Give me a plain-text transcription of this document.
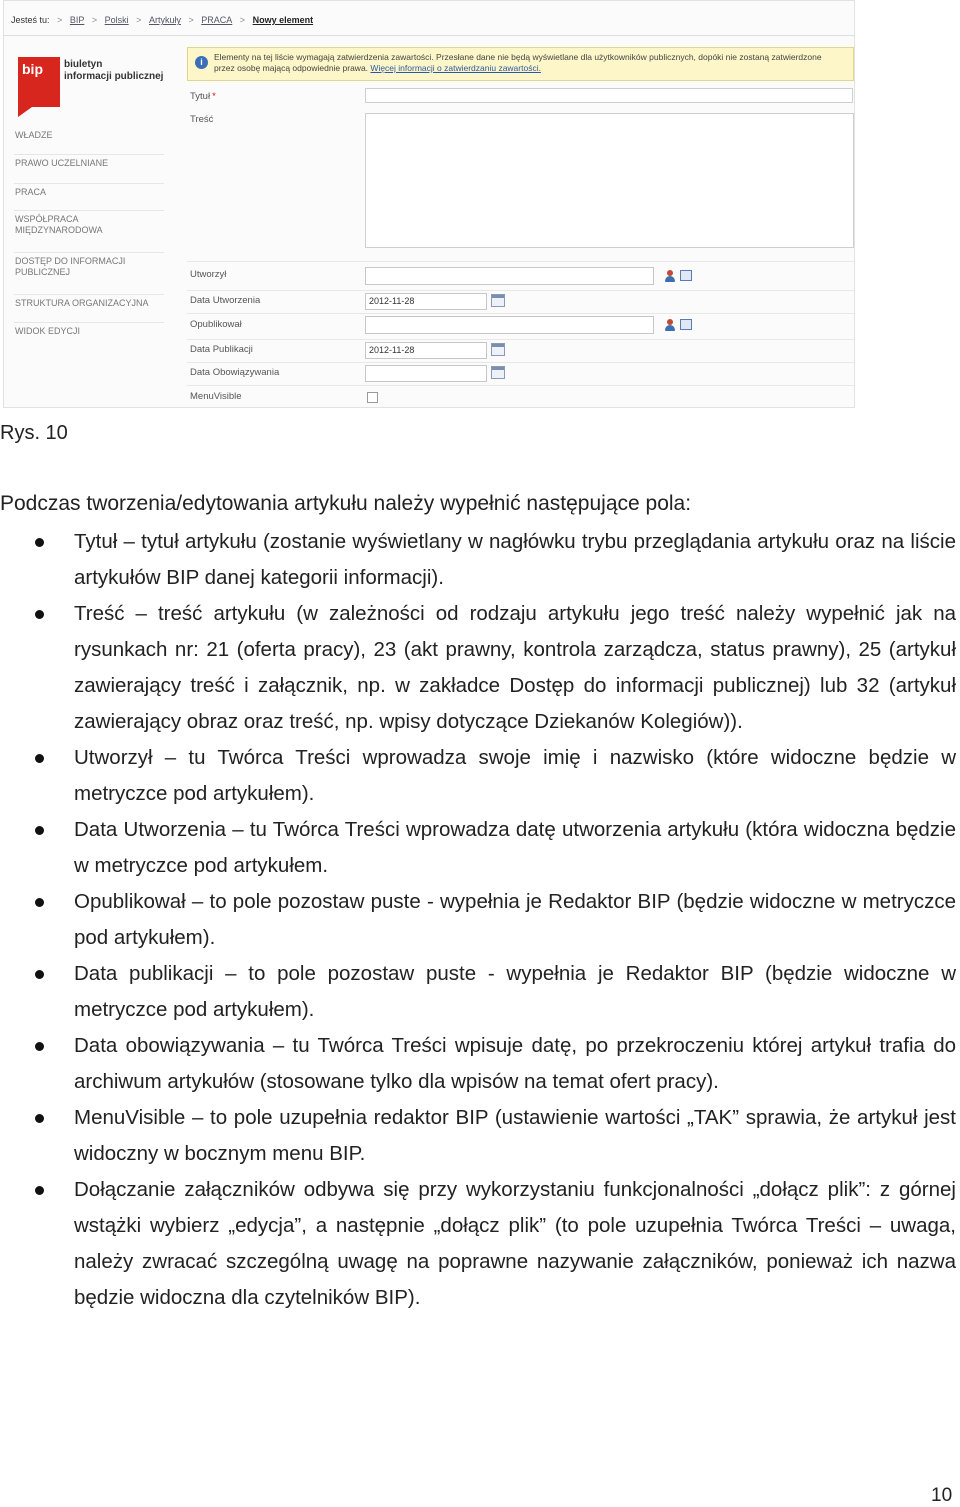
Jesteś tu: > BIP > Polski > Artykuły > PRACA > Nowy element
bip biuletyn
informacji publicznej
WŁADZE
PRAWO UCZELNIANE
PRACA
WSPÓŁPRACA
MIĘDZYNARODOWA
DOSTĘP DO INFORMACJI
PUBLICZNEJ
STRUKTURA ORGANIZACYJNA
WIDOK EDYCJI
i	Elementy na tej liście wymagają zatwierdzenia zawartości. Przesłane dane nie będą wyświetlane dla użytkowników publicznych, dopóki nie zostaną zatwierdzone
przez osobę mającą odpowiednie prawa. Więcej informacji o zatwierdzaniu zawartości.
Tytuł *
Treść
Utworzył
Data Utworzenia	2012-11-28
Opublikował
Data Publikacji	2012-11-28
Data Obowiązywania
MenuVisible
Rys. 10
Podczas tworzenia/edytowania artykułu należy wypełnić następujące pola:
Tytuł – tytuł artykułu (zostanie wyświetlany w nagłówku trybu przeglądania artykułu oraz na liście artykułów BIP danej kategorii informacji).
Treść – treść artykułu (w zależności od rodzaju artykułu jego treść należy wypełnić jak na rysunkach nr: 21 (oferta pracy), 23 (akt prawny, kontrola zarządcza, status prawny), 25 (artykuł zawierający treść i załącznik, np. w zakładce Dostęp do informacji publicznej) lub 32 (artykuł zawierający obraz oraz treść, np. wpisy dotyczące Dziekanów Kolegiów)).
Utworzył – tu Twórca Treści wprowadza swoje imię i nazwisko (które widoczne będzie w metryczce pod artykułem).
Data Utworzenia – tu Twórca Treści wprowadza datę utworzenia artykułu (która widoczna będzie w metryczce pod artykułem.
Opublikował – to pole pozostaw puste - wypełnia je Redaktor BIP (będzie widoczne w metryczce pod artykułem).
Data publikacji – to pole pozostaw puste - wypełnia je Redaktor BIP (będzie widoczne w metryczce pod artykułem).
Data obowiązywania – tu Twórca Treści wpisuje datę, po przekroczeniu której artykuł trafia do archiwum artykułów (stosowane tylko dla wpisów na temat ofert pracy).
MenuVisible – to pole uzupełnia redaktor BIP (ustawienie wartości „TAK” sprawia, że artykuł jest widoczny w bocznym menu BIP.
Dołączanie załączników odbywa się przy wykorzystaniu funkcjonalności „dołącz plik”: z górnej wstążki wybierz „edycja”, a następnie „dołącz plik” (to pole uzupełnia Twórca Treści – uwaga, należy zwracać szczególną uwagę na poprawne nazywanie załączników, ponieważ ich nazwa będzie widoczna dla czytelników BIP).
10
